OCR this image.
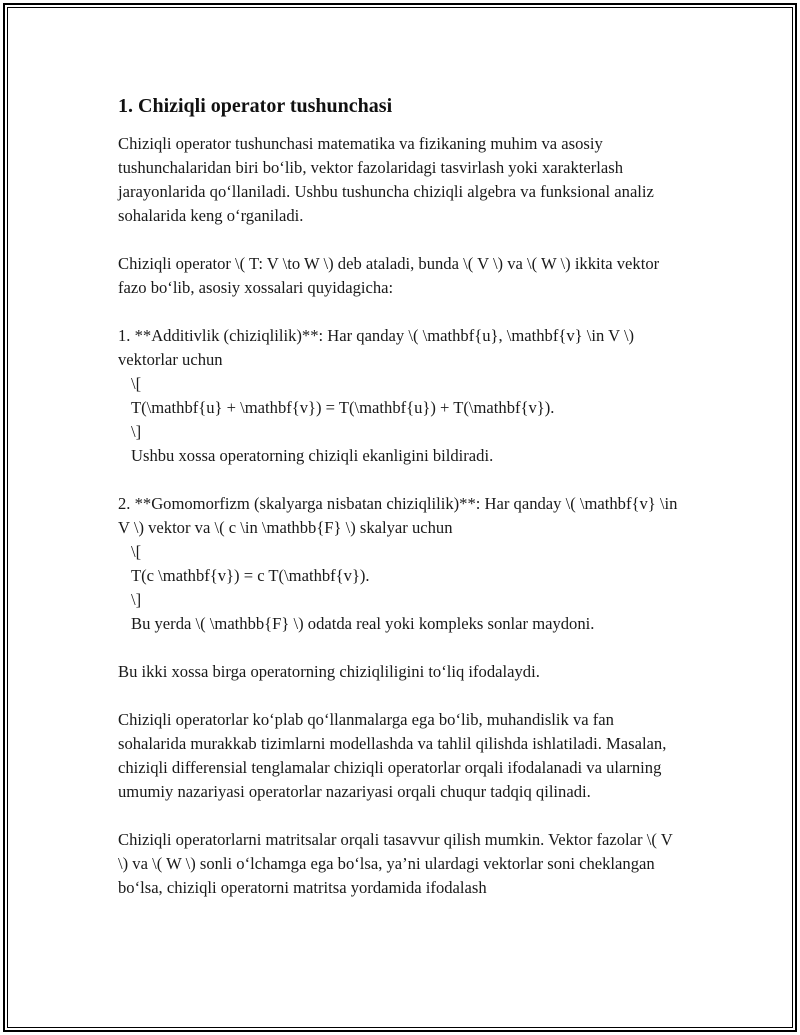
1. Chiziqli operator tushunchasi

Chiziqli operator tushunchasi matematika va fizikaning muhim va asosiy tushunchalaridan biri bo‘lib, vektor fazolaridagi tasvirlash yoki xarakterlash jarayonlarida qo‘llaniladi. Ushbu tushuncha chiziqli algebra va funksional analiz sohalarida keng o‘rganiladi.

Chiziqli operator \( T: V \to W \) deb ataladi, bunda \( V \) va \( W \) ikkita vektor fazo bo‘lib, asosiy xossalari quyidagicha:

1. **Additivlik (chiziqlilik)**: Har qanday \( \mathbf{u}, \mathbf{v} \in V \) vektorlar uchun

\[
T(\mathbf{u} + \mathbf{v}) = T(\mathbf{u}) + T(\mathbf{v}).
\]
Ushbu xossa operatorning chiziqli ekanligini bildiradi.

2. **Gomomorfizm (skalyarga nisbatan chiziqlilik)**: Har qanday \( \mathbf{v} \in V \) vektor va \( c \in \mathbb{F} \) skalyar uchun

\[
T(c \mathbf{v}) = c T(\mathbf{v}).
\]
Bu yerda \( \mathbb{F} \) odatda real yoki kompleks sonlar maydoni.

Bu ikki xossa birga operatorning chiziqliligini to‘liq ifodalaydi.

Chiziqli operatorlar ko‘plab qo‘llanmalarga ega bo‘lib, muhandislik va fan sohalarida murakkab tizimlarni modellashda va tahlil qilishda ishlatiladi. Masalan, chiziqli differensial tenglamalar chiziqli operatorlar orqali ifodalanadi va ularning umumiy nazariyasi operatorlar nazariyasi orqali chuqur tadqiq qilinadi.

Chiziqli operatorlarni matritsalar orqali tasavvur qilish mumkin. Vektor fazolar \( V \) va \( W \) sonli o‘lchamga ega bo‘lsa, ya’ni ulardagi vektorlar soni cheklangan bo‘lsa, chiziqli operatorni matritsa yordamida ifodalash
